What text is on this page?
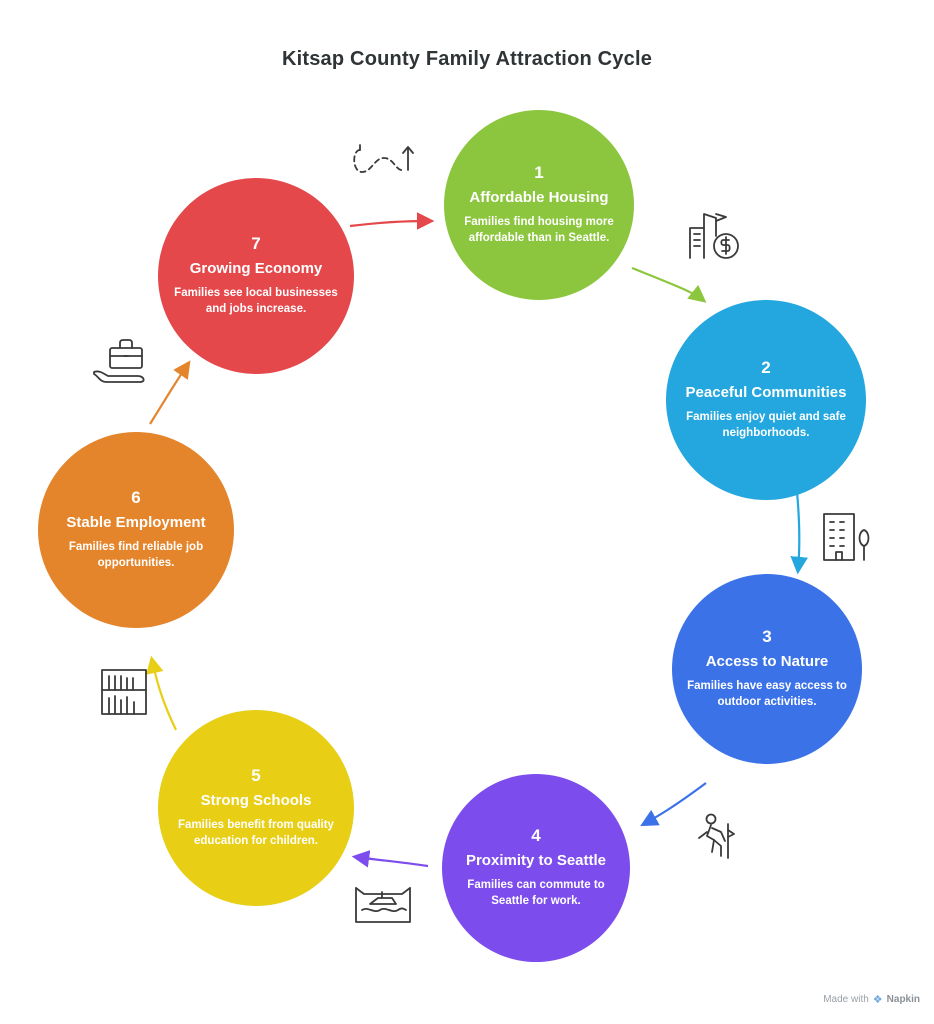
Kitsap County Family Attraction Cycle
1
Affordable Housing
Families find housing more affordable than in Seattle.
2
Peaceful Communities
Families enjoy quiet and safe neighborhoods.
3
Access to Nature
Families have easy access to outdoor activities.
4
Proximity to Seattle
Families can commute to Seattle for work.
5
Strong Schools
Families benefit from quality education for children.
6
Stable Employment
Families find reliable job opportunities.
7
Growing Economy
Families see local businesses and jobs increase.
Made with ❖ Napkin
